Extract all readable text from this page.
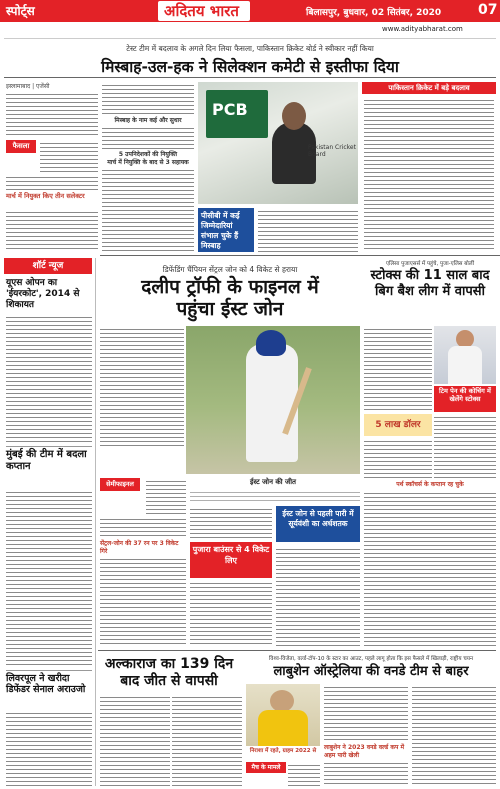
स्पोर्ट्स	अदितय भारत	बिलासपुर, बुधवार, 02 सितंबर, 2020	07
www.adityabharat.com
टेस्ट टीम में बदलाव के अगले दिन लिया फैसला, पाकिस्तान क्रिकेट बोर्ड ने स्वीकार नहीं किया
मिस्बाह-उल-हक ने सिलेक्शन कमेटी से इस्तीफा दिया
इस्लामाबाद | एजेंसी
फैसला
मार्च में नियुक्त किए तीन सलेक्टर
मिस्बाह के नाम कई और सुधार
5 उपनिदेशकों की नियुक्ति
मार्च में नियुक्ति के बाद से 3 सहायक
PCB
Pakistan Cricket Board
पीसीबी में कई जिम्मेदारियां संभाल चुके हैं मिस्बाह
पाकिस्तान क्रिकेट में बड़े बदलाव
शॉर्ट न्यूज
यूएस ओपन का 'ईयरकोट', 2014 से शिकायत
मुंबई की टीम में बदला कप्तान
लिवरपूल ने खरीदा डिफेंडर सेनाल अराउजो
डिफेंडिंग चैंपियन सेंट्रल जोन को 4 विकेट से हराया
दलीप ट्रॉफी के फाइनल में
पहुंचा ईस्ट जोन
सेमीफाइनल
सेंट्रल-जोन की 37 रन पर 3 विकेट गिरे
ईस्ट जोन की जीत
पुजारा बाउंसर से 4 विकेट लिए
ईस्ट जोन से पहली पारी में सूर्यवंशी का अर्धशतक
एलिसा पुजाएसर्स में पहुंचे, पुजा-एलिस बोलीं
स्टोक्स की 11 साल बाद बिग बैश लीग में वापसी
टिम पेन की कोचिंग में खेलेंगे स्टोक्स
5 लाख डॉलर
पर्थ स्कॉचर्स के कप्तान रह चुके
अल्काराज का 139 दिन बाद जीत से वापसी
विश्व-विजेता, वर्ल्ड-टॉप-10 के स्टार का आउट, पहले लागू होता कि इस फैसले में खिलाड़ी, राष्ट्रीय चयन
लाबुशेन ऑस्ट्रेलिया की वनडे टीम से बाहर
निराशा में रहते, ग्राहम 2022 से
मैच के मामले
लाबुशेन ने 2023 वनडे वर्ल्ड कप में अहम पारी खेली
